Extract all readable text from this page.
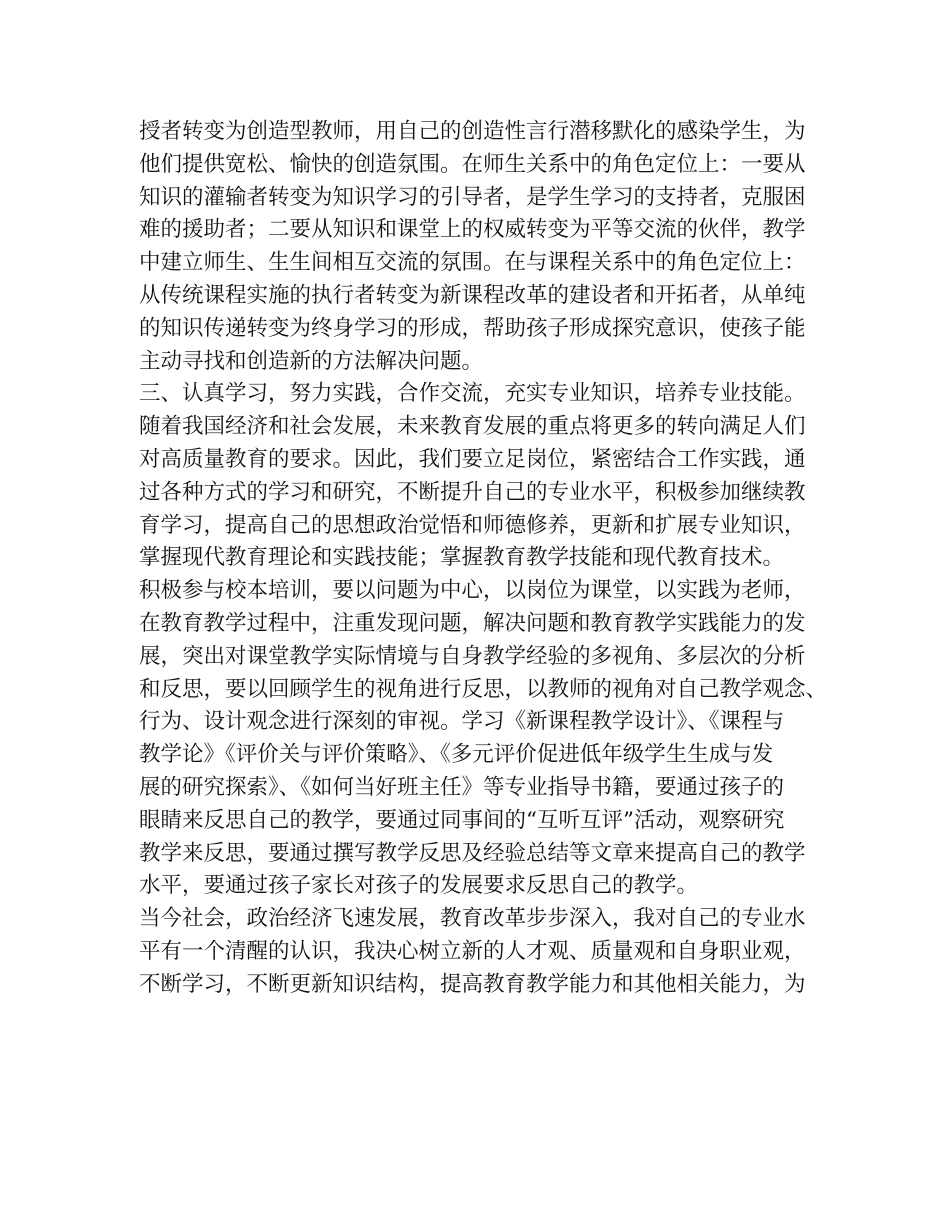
授者转变为创造型教师，用自己的创造性言行潜移默化的感染学生，为
他们提供宽松、愉快的创造氛围。在师生关系中的角色定位上：一要从
知识的灌输者转变为知识学习的引导者，是学生学习的支持者，克服困
难的援助者；二要从知识和课堂上的权威转变为平等交流的伙伴，教学
中建立师生、生生间相互交流的氛围。在与课程关系中的角色定位上：
从传统课程实施的执行者转变为新课程改革的建设者和开拓者，从单纯
的知识传递转变为终身学习的形成，帮助孩子形成探究意识，使孩子能
主动寻找和创造新的方法解决问题。
三、认真学习，努力实践，合作交流，充实专业知识，培养专业技能。
随着我国经济和社会发展，未来教育发展的重点将更多的转向满足人们
对高质量教育的要求。因此，我们要立足岗位，紧密结合工作实践，通
过各种方式的学习和研究，不断提升自己的专业水平，积极参加继续教
育学习，提高自己的思想政治觉悟和师德修养，更新和扩展专业知识，
掌握现代教育理论和实践技能；掌握教育教学技能和现代教育技术。
积极参与校本培训，要以问题为中心，以岗位为课堂，以实践为老师，
在教育教学过程中，注重发现问题，解决问题和教育教学实践能力的发
展，突出对课堂教学实际情境与自身教学经验的多视角、多层次的分析
和反思，要以回顾学生的视角进行反思，以教师的视角对自己教学观念、
行为、设计观念进行深刻的审视。学习《新课程教学设计》、《课程与
教学论》《评价关与评价策略》、《多元评价促进低年级学生生成与发
展的研究探索》、《如何当好班主任》等专业指导书籍，要通过孩子的
眼睛来反思自己的教学，要通过同事间的“互听互评”活动，观察研究
教学来反思，要通过撰写教学反思及经验总结等文章来提高自己的教学
水平，要通过孩子家长对孩子的发展要求反思自己的教学。
当今社会，政治经济飞速发展，教育改革步步深入，我对自己的专业水
平有一个清醒的认识，我决心树立新的人才观、质量观和自身职业观，
不断学习，不断更新知识结构，提高教育教学能力和其他相关能力，为
